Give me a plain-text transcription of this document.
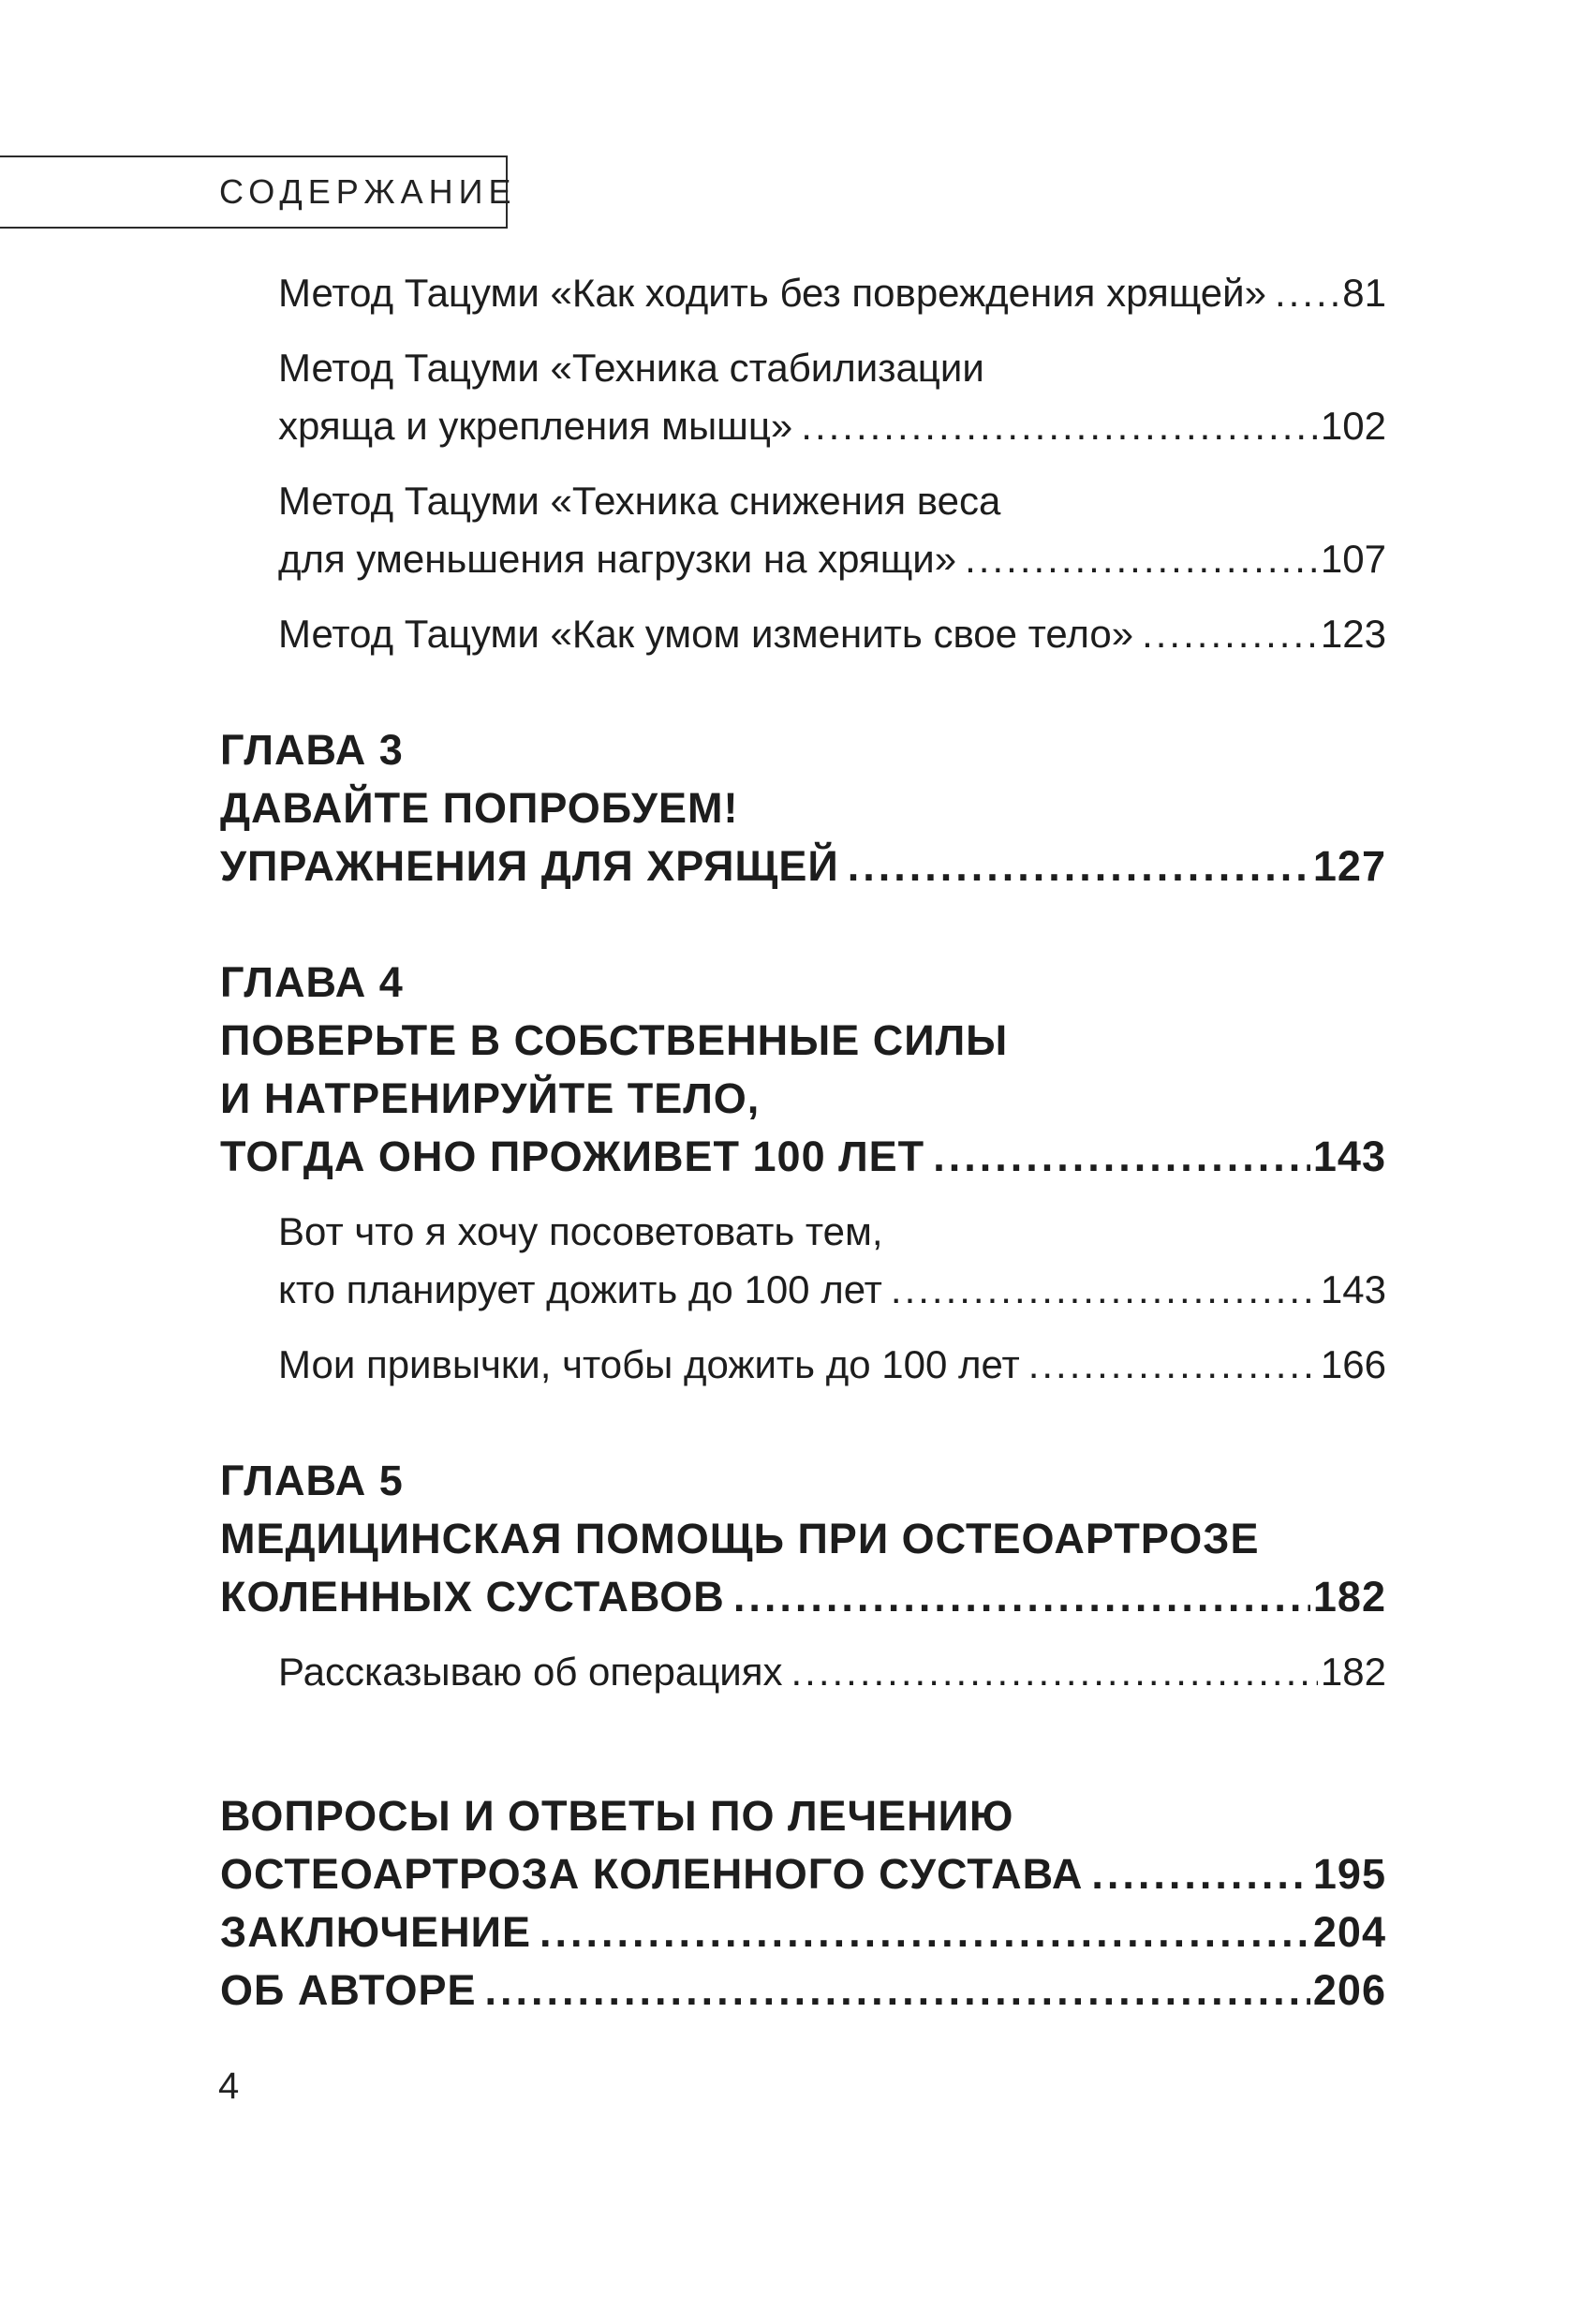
СОДЕРЖАНИЕ
Метод Тацуми «Как ходить без повреждения хрящей» ..... 81
Метод Тацуми «Техника стабилизации
хряща и укрепления мышц» .....	102
Метод Тацуми «Техника снижения веса
для уменьшения нагрузки на хрящи» .....	107
Метод Тацуми «Как умом изменить свое тело» .....	123
ГЛАВА 3
ДАВАЙТЕ ПОПРОБУЕМ!
УПРАЖНЕНИЯ ДЛЯ ХРЯЩЕЙ .....	127
ГЛАВА 4
ПОВЕРЬТЕ В СОБСТВЕННЫЕ СИЛЫ
И НАТРЕНИРУЙТЕ ТЕЛО,
ТОГДА ОНО ПРОЖИВЕТ 100 ЛЕТ .....	143
Вот что я хочу посоветовать тем,
кто планирует дожить до 100 лет .....	143
Мои привычки, чтобы дожить до 100 лет .....	166
ГЛАВА 5
МЕДИЦИНСКАЯ ПОМОЩЬ ПРИ ОСТЕОАРТРОЗЕ
КОЛЕННЫХ СУСТАВОВ .....	182
Рассказываю об операциях .....	182
ВОПРОСЫ И ОТВЕТЫ ПО ЛЕЧЕНИЮ
ОСТЕОАРТРОЗА КОЛЕННОГО СУСТАВА .....	195
ЗАКЛЮЧЕНИЕ .....	204
ОБ АВТОРЕ .....	206
4
